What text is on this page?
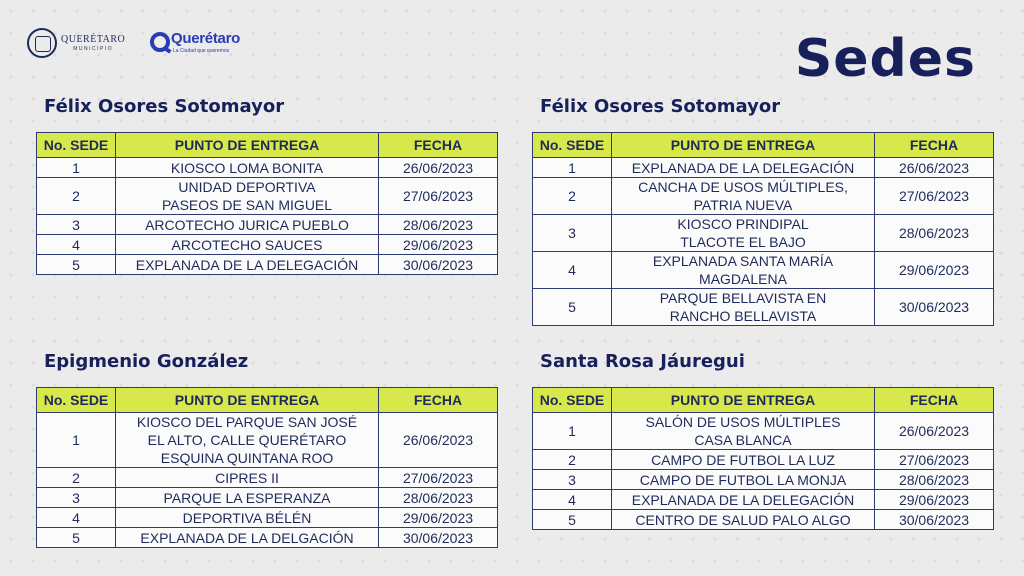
QUERÉTARO
MUNICIPIO
Querétaro
La Ciudad que queremos	Sedes
Félix Osores Sotomayor
No. SEDE	PUNTO DE ENTREGA	FECHA
1	KIOSCO LOMA BONITA	26/06/2023
2	UNIDAD DEPORTIVA
PASEOS DE SAN MIGUEL	27/06/2023
3	ARCOTECHO JURICA PUEBLO	28/06/2023
4	ARCOTECHO SAUCES	29/06/2023
5	EXPLANADA DE LA DELEGACIÓN	30/06/2023
Félix Osores Sotomayor
No. SEDE	PUNTO DE ENTREGA	FECHA
1	EXPLANADA DE LA DELEGACIÓN	26/06/2023
2	CANCHA DE USOS MÚLTIPLES,
PATRIA NUEVA	27/06/2023
3	KIOSCO PRINDIPAL
TLACOTE EL BAJO	28/06/2023
4	EXPLANADA SANTA MARÍA
MAGDALENA	29/06/2023
5	PARQUE BELLAVISTA EN
RANCHO BELLAVISTA	30/06/2023
Epigmenio González
No. SEDE	PUNTO DE ENTREGA	FECHA
1	KIOSCO DEL PARQUE SAN JOSÉ
EL ALTO, CALLE QUERÉTARO
ESQUINA QUINTANA ROO	26/06/2023
2	CIPRES II	27/06/2023
3	PARQUE LA ESPERANZA	28/06/2023
4	DEPORTIVA BÉLÉN	29/06/2023
5	EXPLANADA DE LA DELGACIÓN	30/06/2023
Santa Rosa Jáuregui
No. SEDE	PUNTO DE ENTREGA	FECHA
1	SALÓN DE USOS MÚLTIPLES
CASA BLANCA	26/06/2023
2	CAMPO DE FUTBOL LA LUZ	27/06/2023
3	CAMPO DE FUTBOL LA MONJA	28/06/2023
4	EXPLANADA DE LA DELEGACIÓN	29/06/2023
5	CENTRO DE SALUD PALO ALGO	30/06/2023
